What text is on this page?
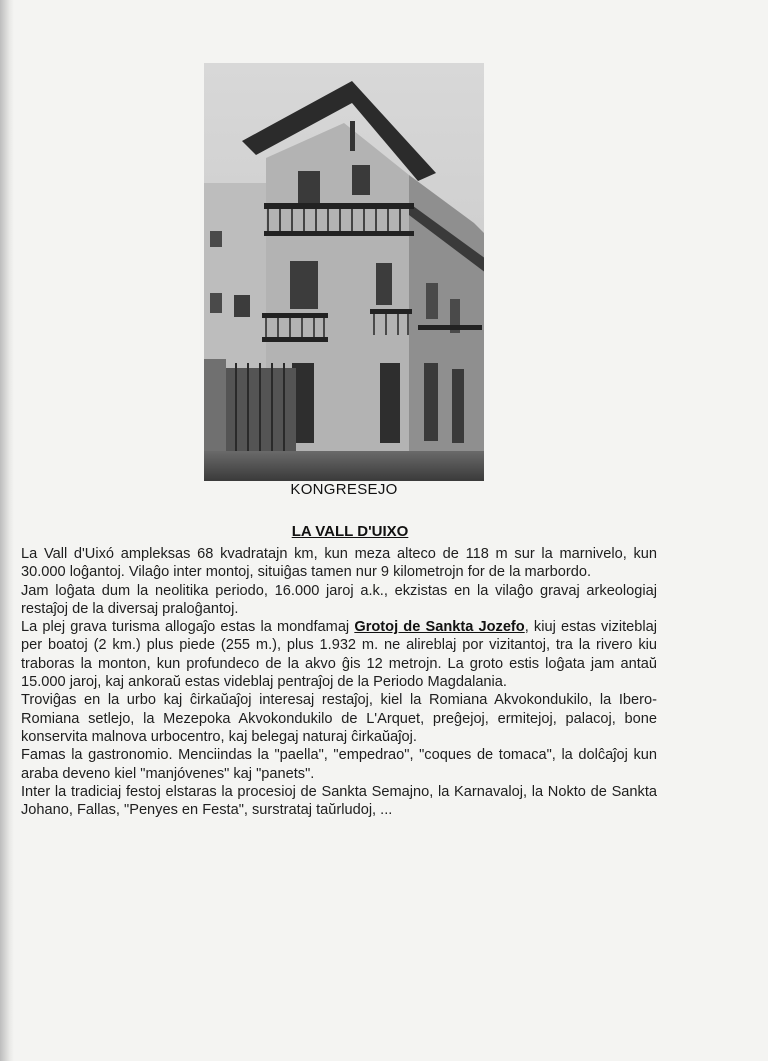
KONGRESEJO
LA VALL D'UIXO

La Vall d'Uixó ampleksas 68 kvadratajn km, kun meza alteco de 118 m sur la marnivelo, kun 30.000 loĝantoj. Vilaĝo inter montoj, situiĝas tamen nur 9 kilometrojn for de la marbordo.

Jam loĝata dum la neolitika periodo, 16.000 jaroj a.k., ekzistas en la vilaĝo gravaj arkeologiaj restaĵoj de la diversaj praloĝantoj.

La plej grava turisma allogaĵo estas la mondfamaj Grotoj de Sankta Jozefo, kiuj estas viziteblaj per boatoj (2 km.) plus piede (255 m.), plus 1.932 m. ne alireblaj por vizitantoj, tra la rivero kiu traboras la monton, kun profundeco de la akvo ĝis 12 metrojn. La groto estis loĝata jam antaŭ 15.000 jaroj, kaj ankoraŭ estas videblaj pentraĵoj de la Periodo Magdalania.

Troviĝas en la urbo kaj ĉirkaŭaĵoj interesaj restaĵoj, kiel la Romiana Akvokondukilo, la Ibero-Romiana setlejo, la Mezepoka Akvokondukilo de L'Arquet, preĝejoj, ermitejoj, palacoj, bone konservita malnova urbocentro, kaj belegaj naturaj ĉirkaŭaĵoj.

Famas la gastronomio. Menciindas la "paella", "empedrao", "coques de tomaca", la dolĉaĵoj kun araba deveno kiel "manjóvenes" kaj "panets".

Inter la tradiciaj festoj elstaras la procesioj de Sankta Semajno, la Karnavaloj, la Nokto de Sankta Johano, Fallas, "Penyes en Festa", surstrataj taŭrludoj, ...
